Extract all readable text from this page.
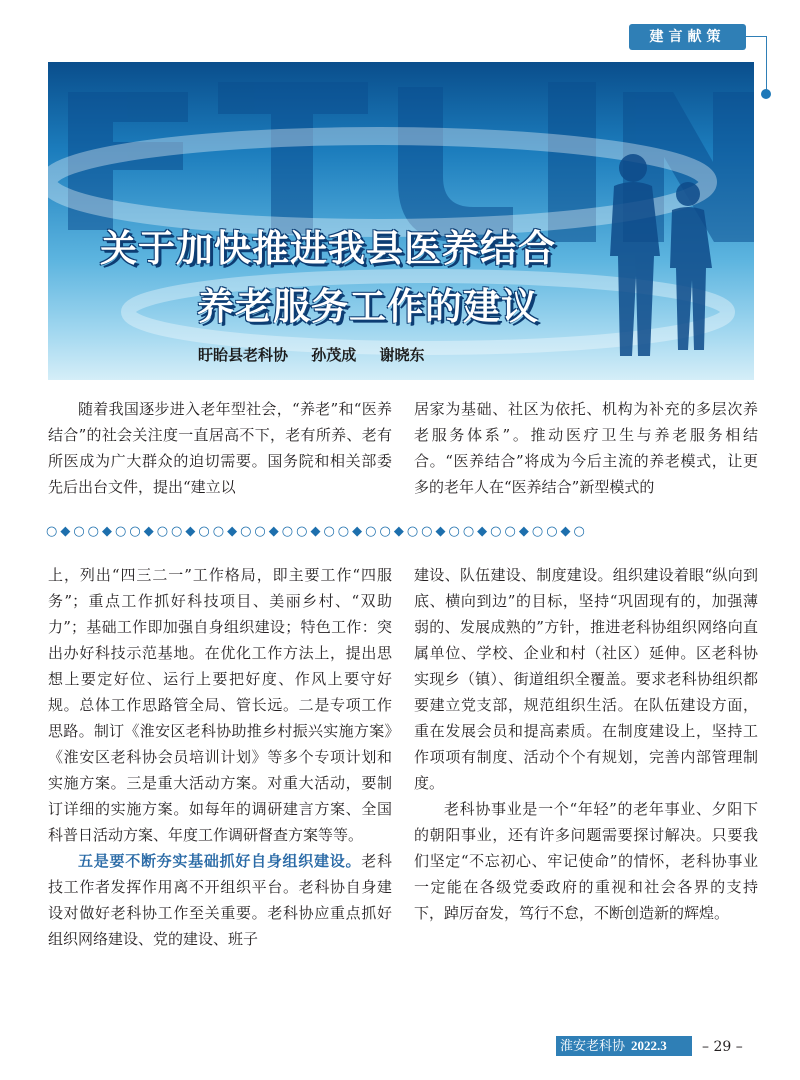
建言献策
关于加快推进我县医养结合
养老服务工作的建议
盱眙县老科协 孙茂成 谢晓东

随着我国逐步进入老年型社会，“养老”和“医养结合”的社会关注度一直居高不下，老有所养、老有所医成为广大群众的迫切需要。国务院和相关部委先后出台文件，提出“建立以

居家为基础、社区为依托、机构为补充的多层次养老服务体系”。推动医疗卫生与养老服务相结合。“医养结合”将成为今后主流的养老模式，让更多的老年人在“医养结合”新型模式的

○◆○○◆○○◆○○◆○○◆○○◆○○◆○○◆○○◆○○◆○○◆○○◆○○◆○

上，列出“四三二一”工作格局，即主要工作“四服务”；重点工作抓好科技项目、美丽乡村、“双助力”；基础工作即加强自身组织建设；特色工作：突出办好科技示范基地。在优化工作方法上，提出思想上要定好位、运行上要把好度、作风上要守好规。总体工作思路管全局、管长远。二是专项工作思路。制订《淮安区老科协助推乡村振兴实施方案》《淮安区老科协会员培训计划》等多个专项计划和实施方案。三是重大活动方案。对重大活动，要制订详细的实施方案。如每年的调研建言方案、全国科普日活动方案、年度工作调研督查方案等等。

五是要不断夯实基础抓好自身组织建设。老科技工作者发挥作用离不开组织平台。老科协自身建设对做好老科协工作至关重要。老科协应重点抓好组织网络建设、党的建设、班子

建设、队伍建设、制度建设。组织建设着眼“纵向到底、横向到边”的目标，坚持“巩固现有的，加强薄弱的、发展成熟的”方针，推进老科协组织网络向直属单位、学校、企业和村（社区）延伸。区老科协实现乡（镇）、街道组织全覆盖。要求老科协组织都要建立党支部，规范组织生活。在队伍建设方面，重在发展会员和提高素质。在制度建设上，坚持工作项项有制度、活动个个有规划，完善内部管理制度。

老科协事业是一个“年轻”的老年事业、夕阳下的朝阳事业，还有许多问题需要探讨解决。只要我们坚定“不忘初心、牢记使命”的情怀，老科协事业一定能在各级党委政府的重视和社会各界的支持下，踔厉奋发，笃行不怠，不断创造新的辉煌。

淮安老科协 2022.3	– 29 –
